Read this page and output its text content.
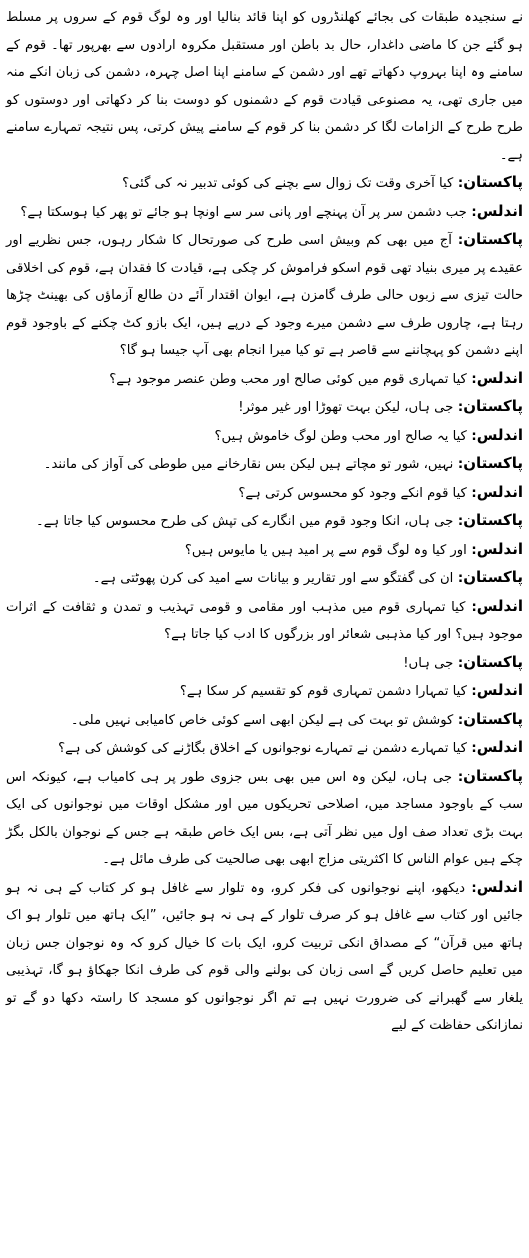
نے سنجیدہ طبقات کی بجائے کھلنڈروں کو اپنا قائد بنالیا اور وہ لوگ قوم کے سروں پر مسلط ہو گئے جن کا ماضی داغدار، حال بد باطن اور مستقبل مکروہ ارادوں سے بھرپور تھا۔ قوم کے سامنے وہ اپنا بہروپ دکھاتے تھے اور دشمن کے سامنے اپنا اصل چہرہ، دشمن کی زبان انکے منہ میں جاری تھی، یہ مصنوعی قیادت قوم کے دشمنوں کو دوست بنا کر دکھاتی اور دوستوں کو طرح طرح کے الزامات لگا کر دشمن بنا کر قوم کے سامنے پیش کرتی، پس نتیجہ تمہارے سامنے ہے۔

پاکستان: کیا آخری وقت تک زوال سے بچنے کی کوئی تدبیر نہ کی گئی؟

اندلس: جب دشمن سر پر آن پہنچے اور پانی سر سے اونچا ہو جائے تو پھر کیا ہوسکتا ہے؟

پاکستان: آج میں بھی کم وبیش اسی طرح کی صورتحال کا شکار رہوں، جس نظریے اور عقیدے پر میری بنیاد تھی قوم اسکو فراموش کر چکی ہے، قیادت کا فقدان ہے، قوم کی اخلاقی حالت تیزی سے زبوں حالی طرف گامزن ہے، ایوان اقتدار آئے دن طالع آزماؤں کی بھینٹ چڑھا رہتا ہے، چاروں طرف سے دشمن میرے وجود کے درپے ہیں، ایک بازو کٹ چکنے کے باوجود قوم اپنے دشمن کو پہچاننے سے قاصر ہے تو کیا میرا انجام بھی آپ جیسا ہو گا؟

اندلس: کیا تمہاری قوم میں کوئی صالح اور محب وطن عنصر موجود ہے؟

پاکستان: جی ہاں، لیکن بہت تھوڑا اور غیر موثر!

اندلس: کیا یہ صالح اور محب وطن لوگ خاموش ہیں؟

پاکستان: نہیں، شور تو مچاتے ہیں لیکن بس نقارخانے میں طوطی کی آواز کی مانند۔

اندلس: کیا قوم انکے وجود کو محسوس کرتی ہے؟

پاکستان: جی ہاں، انکا وجود قوم میں انگارے کی تپش کی طرح محسوس کیا جاتا ہے۔

اندلس: اور کیا وہ لوگ قوم سے پر امید ہیں یا مایوس ہیں؟

پاکستان: ان کی گفتگو سے اور تقاریر و بیانات سے امید کی کرن پھوٹتی ہے۔

اندلس: کیا تمہاری قوم میں مذہب اور مقامی و قومی تہذیب و تمدن و ثقافت کے اثرات موجود ہیں؟ اور کیا مذہبی شعائر اور بزرگوں کا ادب کیا جاتا ہے؟

پاکستان: جی ہاں!

اندلس: کیا تمہارا دشمن تمہاری قوم کو تقسیم کر سکا ہے؟

پاکستان: کوشش تو بہت کی ہے لیکن ابھی اسے کوئی خاص کامیابی نہیں ملی۔

اندلس: کیا تمہارے دشمن نے تمہارے نوجوانوں کے اخلاق بگاڑنے کی کوشش کی ہے؟

پاکستان: جی ہاں، لیکن وہ اس میں بھی بس جزوی طور پر ہی کامیاب ہے، کیونکہ اس سب کے باوجود مساجد میں، اصلاحی تحریکوں میں اور مشکل اوقات میں نوجوانوں کی ایک بہت بڑی تعداد صف اول میں نظر آتی ہے، بس ایک خاص طبقہ ہے جس کے نوجوان بالکل بگڑ چکے ہیں عوام الناس کا اکثریتی مزاج ابھی بھی صالحیت کی طرف مائل ہے۔

اندلس: دیکھو، اپنے نوجوانوں کی فکر کرو، وہ تلوار سے غافل ہو کر کتاب کے ہی نہ ہو جائیں اور کتاب سے غافل ہو کر صرف تلوار کے ہی نہ ہو جائیں، ”ایک ہاتھ میں تلوار ہو اک ہاتھ میں قرآن“ کے مصداق انکی تربیت کرو، ایک بات کا خیال کرو کہ وہ نوجوان جس زبان میں تعلیم حاصل کریں گے اسی زبان کی بولنے والی قوم کی طرف انکا جھکاؤ ہو گا، تہذیبی یلغار سے گھبرانے کی ضرورت نہیں ہے تم اگر نوجوانوں کو مسجد کا راستہ دکھا دو گے تو نمازانکی حفاظت کے لیے
